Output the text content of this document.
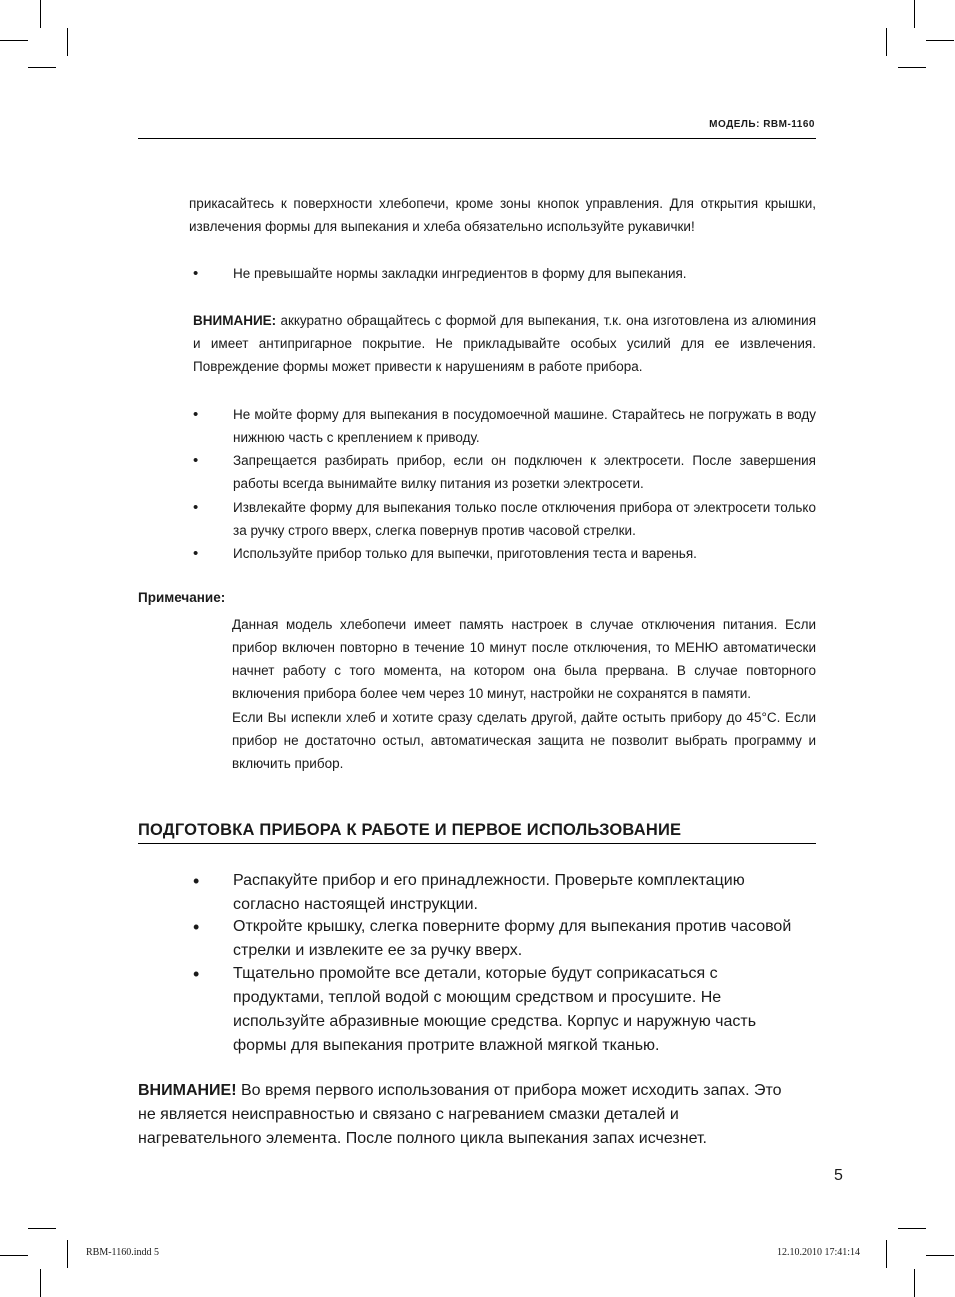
МОДЕЛЬ: RBM-1160

прикасайтесь к поверхности хлебопечи, кроме зоны кнопок управления. Для открытия крышки, извлечения формы для выпекания и хлеба обязательно используйте рукавички!

•	Не превышайте нормы закладки ингредиентов в форму для выпекания.

ВНИМАНИЕ: аккуратно обращайтесь с формой для выпекания, т.к. она изготовлена из алюминия и имеет антипригарное покрытие. Не прикладывайте особых усилий для ее извлечения. Повреждение формы может привести к нарушениям в работе прибора.

•	Не мойте форму для выпекания в посудомоечной машине. Старайтесь не погружать в воду нижнюю часть с креплением к приводу.
•	Запрещается разбирать прибор, если он подключен к электросети. После завершения работы всегда вынимайте вилку питания из розетки электросети.
•	Извлекайте форму для выпекания только после отключения прибора от электросети только за ручку строго вверх, слегка повернув против часовой стрелки.
•	Используйте прибор только для выпечки, приготовления теста и варенья.
Примечание:

Данная модель хлебопечи имеет память настроек в случае отключения питания. Если прибор включен повторно в течение 10 минут после отключения, то МЕНЮ автоматически начнет работу с того момента, на котором она была прервана. В случае повторного включения прибора более чем через 10 минут, настройки не сохранятся в памяти.

Если Вы испекли хлеб и хотите сразу сделать другой, дайте остыть прибору до 45°С. Если прибор не достаточно остыл, автоматическая защита не позволит выбрать программу и включить прибор.

ПОДГОТОВКА ПРИБОРА К РАБОТЕ И ПЕРВОЕ ИСПОЛЬЗОВАНИЕ
•	Распакуйте прибор и его принадлежности. Проверьте комплектацию согласно настоящей инструкции.
•	Откройте крышку, слегка поверните форму для выпекания против часовой стрелки и извлеките ее за ручку вверх.
•	Тщательно промойте все детали, которые будут соприкасаться с продуктами, теплой водой с моющим средством и просушите. Не используйте абразивные моющие средства. Корпус и наружную часть формы для выпекания протрите влажной мягкой тканью.

ВНИМАНИЕ! Во время первого использования от прибора может исходить запах. Это не является неисправностью и связано с нагреванием смазки деталей и нагревательного элемента. После полного цикла выпекания запах исчезнет.

5
RBM-1160.indd 5	12.10.2010 17:41:14
